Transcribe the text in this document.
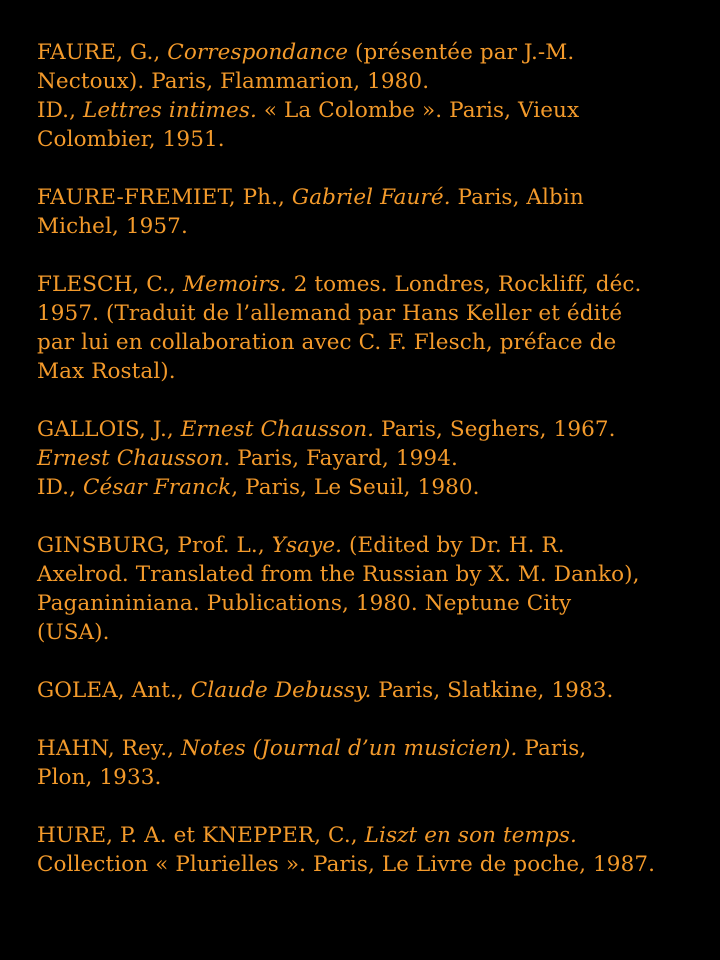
FAURE, G., Correspondance (présentée par J.-M.
Nectoux). Paris, Flammarion, 1980.
ID., Lettres intimes. « La Colombe ». Paris, Vieux
Colombier, 1951.
FAURE-FREMIET, Ph., Gabriel Fauré. Paris, Albin
Michel, 1957.
FLESCH, C., Memoirs. 2 tomes. Londres, Rockliff, déc.
1957. (Traduit de l’allemand par Hans Keller et édité
par lui en collaboration avec C. F. Flesch, préface de
Max Rostal).
GALLOIS, J., Ernest Chausson. Paris, Seghers, 1967.
Ernest Chausson. Paris, Fayard, 1994.
ID., César Franck, Paris, Le Seuil, 1980.
GINSBURG, Prof. L., Ysaye. (Edited by Dr. H. R.
Axelrod. Translated from the Russian by X. M. Danko),
Paganininiana. Publications, 1980. Neptune City
(USA).
GOLEA, Ant., Claude Debussy. Paris, Slatkine, 1983.
HAHN, Rey., Notes (Journal d’un musicien). Paris,
Plon, 1933.
HURE, P. A. et KNEPPER, C., Liszt en son temps.
Collection « Plurielles ». Paris, Le Livre de poche, 1987.
